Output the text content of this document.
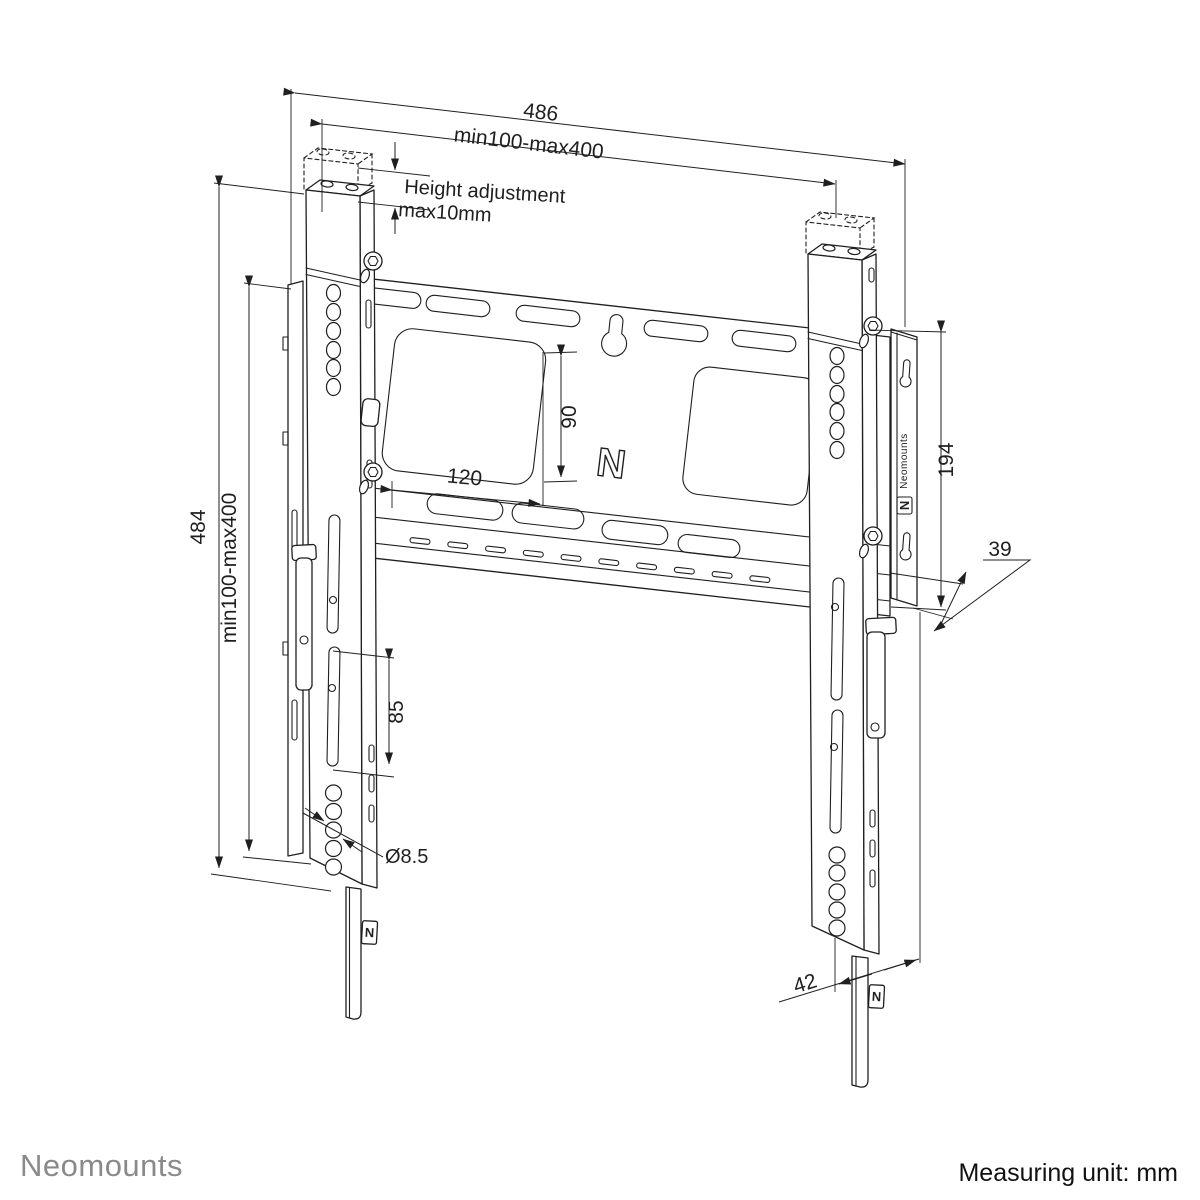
N	Neomounts
N
N
N
486
min100-max400
Height adjustment
max10mm
484 min100-max400
90
120
194
39
Ø8.5
85
42
Neomounts	Measuring unit: mm
